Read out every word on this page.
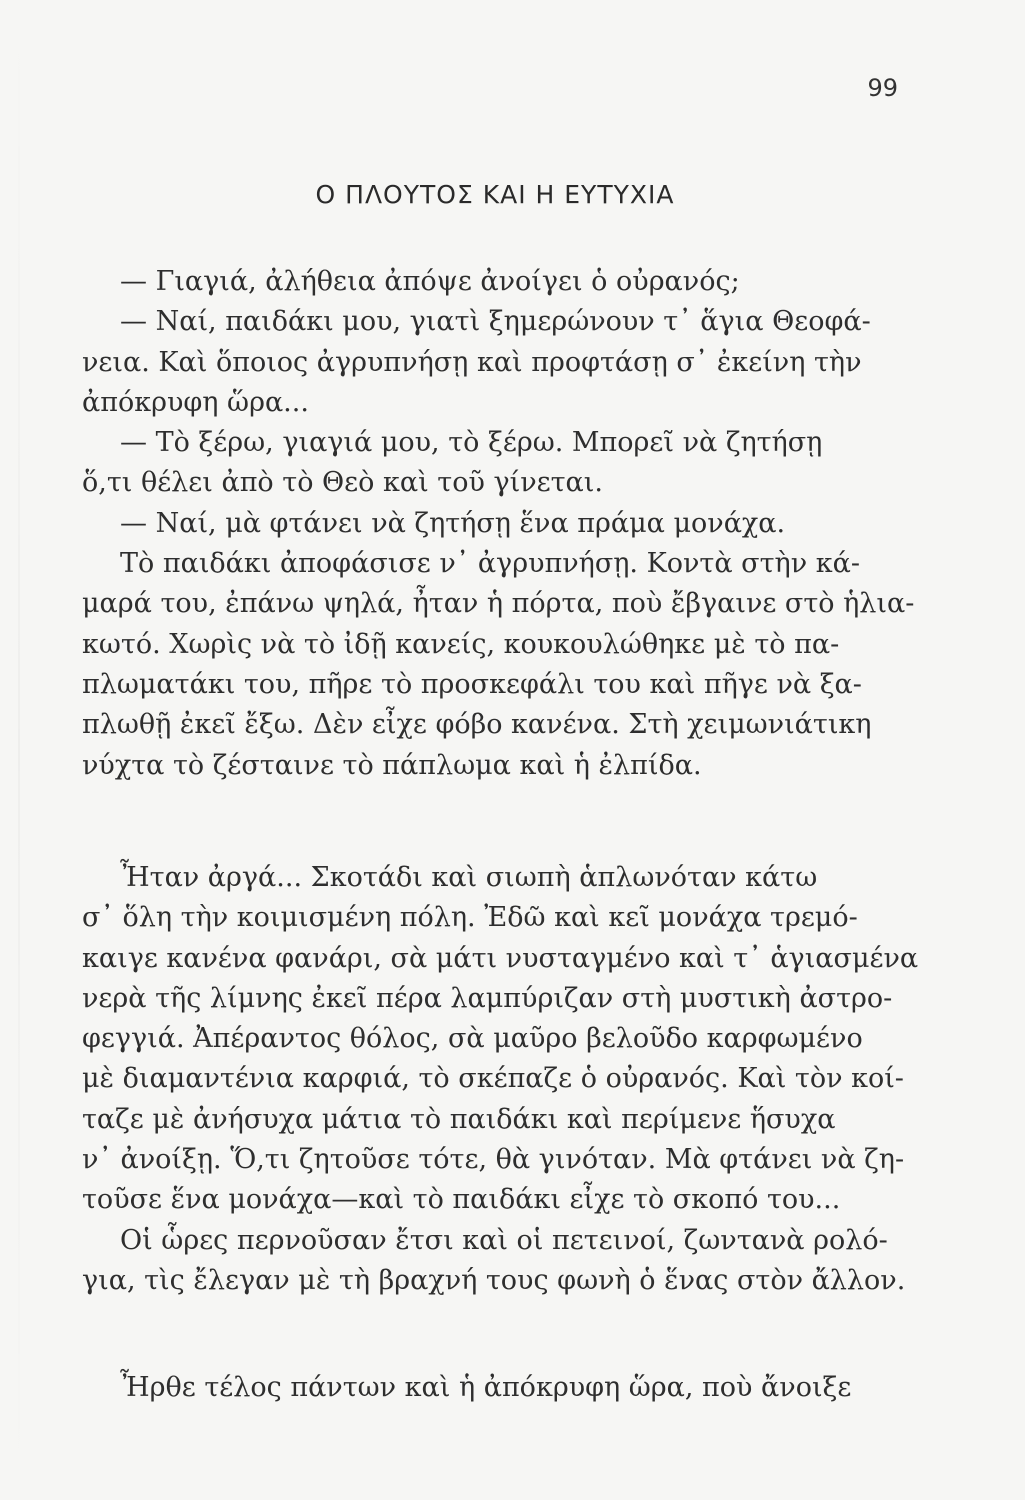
99
Ο ΠΛΟΥΤΟΣ ΚΑΙ Η ΕΥΤΥΧΙΑ
— Γιαγιά, ἀλήθεια ἀπόψε ἀνοίγει ὁ οὐρανός;
— Ναί, παιδάκι μου, γιατὶ ξημερώνουν τ᾿ ἅγια Θεοφά-
νεια. Καὶ ὅποιος ἀγρυπνήσῃ καὶ προφτάσῃ σ᾿ ἐκείνη τὴν
ἀπόκρυφη ὥρα...
— Τὸ ξέρω, γιαγιά μου, τὸ ξέρω. Μπορεῖ νὰ ζητήσῃ
ὅ,τι θέλει ἀπὸ τὸ Θεὸ καὶ τοῦ γίνεται.
— Ναί, μὰ φτάνει νὰ ζητήσῃ ἕνα πράμα μονάχα.
Τὸ παιδάκι ἀποφάσισε ν᾿ ἀγρυπνήσῃ. Κοντὰ στὴν κά-
μαρά του, ἐπάνω ψηλά, ἦταν ἡ πόρτα, ποὺ ἔβγαινε στὸ ἡλια-
κωτό. Χωρὶς νὰ τὸ ἰδῇ κανείς, κουκουλώθηκε μὲ τὸ πα-
πλωματάκι του, πῆρε τὸ προσκεφάλι του καὶ πῆγε νὰ ξα-
πλωθῇ ἐκεῖ ἔξω. Δὲν εἶχε φόβο κανένα. Στὴ χειμωνιάτικη
νύχτα τὸ ζέσταινε τὸ πάπλωμα καὶ ἡ ἐλπίδα.
Ἦταν ἀργά... Σκοτάδι καὶ σιωπὴ ἁπλωνόταν κάτω
σ᾿ ὅλη τὴν κοιμισμένη πόλη. Ἐδῶ καὶ κεῖ μονάχα τρεμό-
καιγε κανένα φανάρι, σὰ μάτι νυσταγμένο καὶ τ᾿ ἁγιασμένα
νερὰ τῆς λίμνης ἐκεῖ πέρα λαμπύριζαν στὴ μυστικὴ ἀστρο-
φεγγιά. Ἀπέραντος θόλος, σὰ μαῦρο βελοῦδο καρφωμένο
μὲ διαμαντένια καρφιά, τὸ σκέπαζε ὁ οὐρανός. Καὶ τὸν κοί-
ταζε μὲ ἀνήσυχα μάτια τὸ παιδάκι καὶ περίμενε ἥσυχα
ν᾿ ἀνοίξῃ. Ὅ,τι ζητοῦσε τότε, θὰ γινόταν. Μὰ φτάνει νὰ ζη-
τοῦσε ἕνα μονάχα—καὶ τὸ παιδάκι εἶχε τὸ σκοπό του...
Οἱ ὧρες περνοῦσαν ἔτσι καὶ οἱ πετεινοί, ζωντανὰ ρολό-
για, τὶς ἔλεγαν μὲ τὴ βραχνή τους φωνὴ ὁ ἕνας στὸν ἄλλον.
Ἦρθε τέλος πάντων καὶ ἡ ἀπόκρυφη ὥρα, ποὺ ἄνοιξε
